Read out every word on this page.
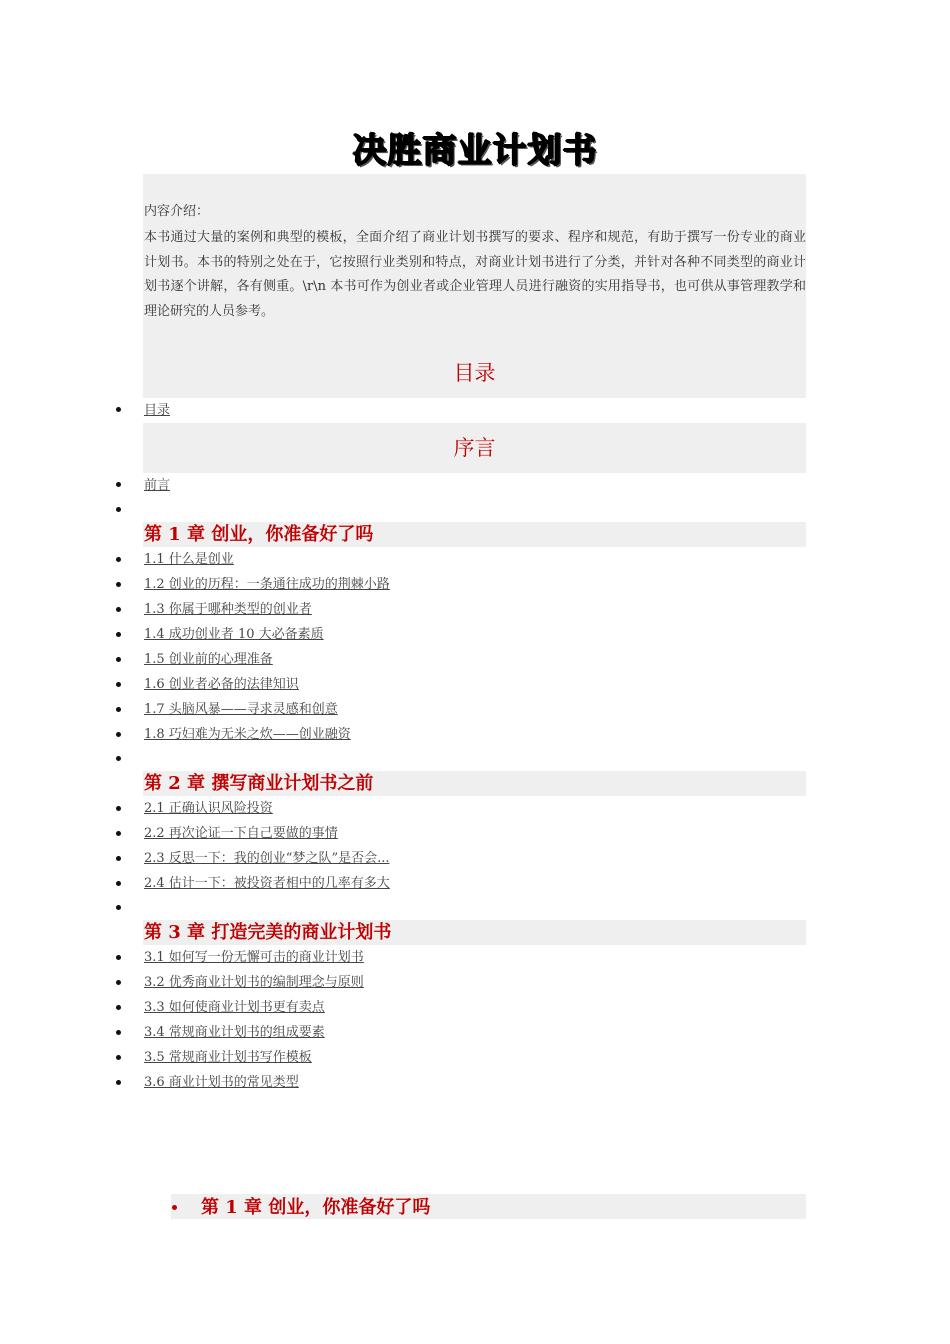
决胜商业计划书
内容介绍：
本书通过大量的案例和典型的模板，全面介绍了商业计划书撰写的要求、程序和规范，有助于撰写一份专业的商业计划书。本书的特别之处在于，它按照行业类别和特点，对商业计划书进行了分类，并针对各种不同类型的商业计划书逐个讲解，各有侧重。\r\n 本书可作为创业者或企业管理人员进行融资的实用指导书，也可供从事管理教学和理论研究的人员参考。
目录
目录
序言
前言
第 1 章 创业，你准备好了吗
1.1 什么是创业
1.2 创业的历程：一条通往成功的荆棘小路
1.3 你属于哪种类型的创业者
1.4 成功创业者 10 大必备素质
1.5 创业前的心理准备
1.6 创业者必备的法律知识
1.7 头脑风暴——寻求灵感和创意
1.8 巧妇难为无米之炊——创业融资
第 2 章 撰写商业计划书之前
2.1 正确认识风险投资
2.2 再次论证一下自己要做的事情
2.3 反思一下：我的创业“梦之队”是否会...
2.4 估计一下：被投资者相中的几率有多大
第 3 章 打造完美的商业计划书
3.1 如何写一份无懈可击的商业计划书
3.2 优秀商业计划书的编制理念与原则
3.3 如何使商业计划书更有卖点
3.4 常规商业计划书的组成要素
3.5 常规商业计划书写作模板
3.6 商业计划书的常见类型
第 1 章 创业，你准备好了吗
